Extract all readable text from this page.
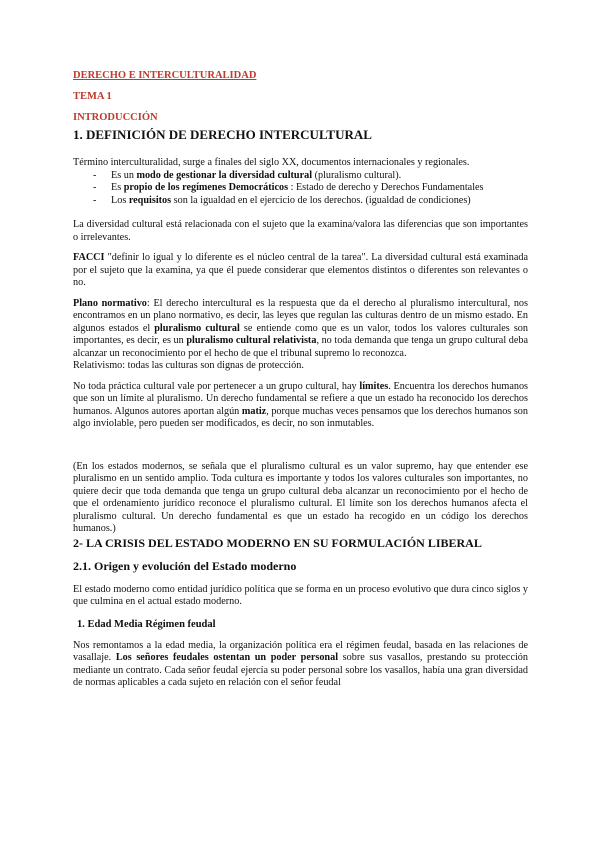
DERECHO E INTERCULTURALIDAD

TEMA 1

INTRODUCCIÓN

1. DEFINICIÓN DE DERECHO INTERCULTURAL

Término interculturalidad, surge a finales del siglo XX, documentos internacionales y regionales.

- Es un modo de gestionar la diversidad cultural (pluralismo cultural).
- Es propio de los regímenes Democráticos : Estado de derecho y Derechos Fundamentales
- Los requisitos son la igualdad en el ejercicio de los derechos. (igualdad de condiciones)

La diversidad cultural está relacionada con el sujeto que la examina/valora las diferencias que son importantes o irrelevantes.

FACCI "definir lo igual y lo diferente es el núcleo central de la tarea". La diversidad cultural está examinada por el sujeto que la examina, ya que él puede considerar que elementos distintos o diferentes son relevantes o no.

Plano normativo: El derecho intercultural es la respuesta que da el derecho al pluralismo intercultural, nos encontramos en un plano normativo, es decir, las leyes que regulan las culturas dentro de un mismo estado. En algunos estados el pluralismo cultural se entiende como que es un valor, todos los valores culturales son importantes, es decir, es un pluralismo cultural relativista, no toda demanda que tenga un grupo cultural deba alcanzar un reconocimiento por el hecho de que el tribunal supremo lo reconozca.

Relativismo: todas las culturas son dignas de protección.

No toda práctica cultural vale por pertenecer a un grupo cultural, hay límites. Encuentra los derechos humanos que son un límite al pluralismo. Un derecho fundamental se refiere a que un estado ha reconocido los derechos humanos. Algunos autores aportan algún matiz, porque muchas veces pensamos que los derechos humanos son algo inviolable, pero pueden ser modificados, es decir, no son inmutables.

(En los estados modernos, se señala que el pluralismo cultural es un valor supremo, hay que entender ese pluralismo en un sentido amplio. Toda cultura es importante y todos los valores culturales son importantes, no quiere decir que toda demanda que tenga un grupo cultural deba alcanzar un reconocimiento por el hecho de que el ordenamiento jurídico reconoce el pluralismo cultural. El límite son los derechos humanos afecta el pluralismo cultural. Un derecho fundamental es que un estado ha recogido en un código los derechos humanos.)

2- LA CRISIS DEL ESTADO MODERNO EN SU FORMULACIÓN LIBERAL

2.1. Origen y evolución del Estado moderno

El estado moderno como entidad jurídico política que se forma en un proceso evolutivo que dura cinco siglos y que culmina en el actual estado moderno.

1. Edad Media Régimen feudal

Nos remontamos a la edad media, la organización política era el régimen feudal, basada en las relaciones de vasallaje. Los señores feudales ostentan un poder personal sobre sus vasallos, prestando su protección mediante un contrato. Cada señor feudal ejercía su poder personal sobre los vasallos, había una gran diversidad de normas aplicables a cada sujeto en relación con el señor feudal
